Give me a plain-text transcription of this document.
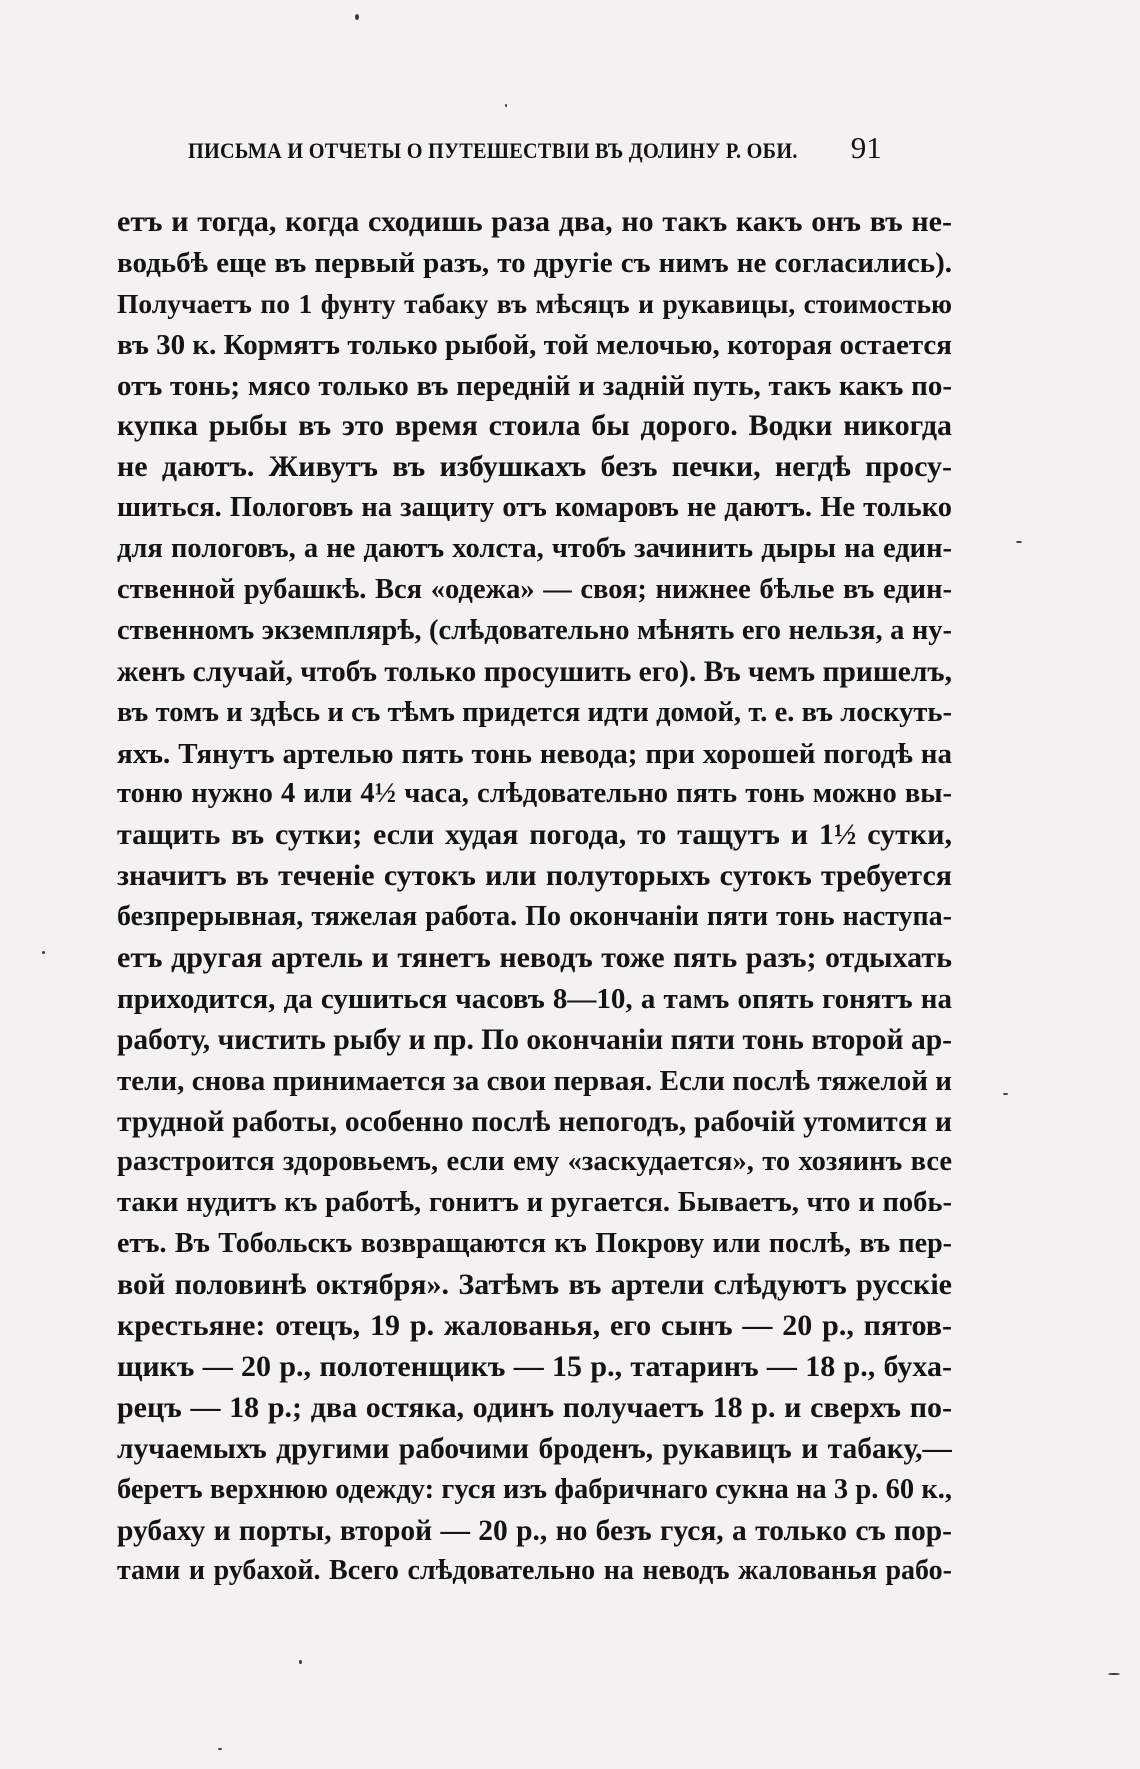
ПИСЬМА И ОТЧЕТЫ О ПУТЕШЕСТВІИ ВЪ ДОЛИНУ Р. ОБИ. 91
етъ и тогда, когда сходишь раза два, но такъ какъ онъ въ не-
водьбѣ еще въ первый разъ, то другіе съ нимъ не согласились).
Получаетъ по 1 фунту табаку въ мѣсяцъ и рукавицы, стоимостью
въ 30 к. Кормятъ только рыбой, той мелочью, которая остается
отъ тонь; мясо только въ передній и задній путь, такъ какъ по-
купка рыбы въ это время стоила бы дорого. Водки никогда
не даютъ. Живутъ въ избушкахъ безъ печки, негдѣ просу-
шиться. Пологовъ на защиту отъ комаровъ не даютъ. Не только
для пологовъ, а не даютъ холста, чтобъ зачинить дыры на един-
ственной рубашкѣ. Вся «одежа» — своя; нижнее бѣлье въ един-
ственномъ экземплярѣ, (слѣдовательно мѣнять его нельзя, а ну-
женъ случай, чтобъ только просушить его). Въ чемъ пришелъ,
въ томъ и здѣсь и съ тѣмъ придется идти домой, т. е. въ лоскуть-
яхъ. Тянутъ артелью пять тонь невода; при хорошей погодѣ на
тоню нужно 4 или 4½ часа, слѣдовательно пять тонь можно вы-
тащить въ сутки; если худая погода, то тащутъ и 1½ сутки,
значитъ въ теченіе сутокъ или полуторыхъ сутокъ требуется
безпрерывная, тяжелая работа. По окончаніи пяти тонь наступа-
етъ другая артель и тянетъ неводъ тоже пять разъ; отдыхать
приходится, да сушиться часовъ 8—10, а тамъ опять гонятъ на
работу, чистить рыбу и пр. По окончаніи пяти тонь второй ар-
тели, снова принимается за свои первая. Если послѣ тяжелой и
трудной работы, особенно послѣ непогодъ, рабочій утомится и
разстроится здоровьемъ, если ему «заскудается», то хозяинъ все
таки нудитъ къ работѣ, гонитъ и ругается. Бываетъ, что и побь-
етъ. Въ Тобольскъ возвращаются къ Покрову или послѣ, въ пер-
вой половинѣ октября». Затѣмъ въ артели слѣдуютъ русскіе
крестьяне: отецъ, 19 р. жалованья, его сынъ — 20 р., пятов-
щикъ — 20 р., полотенщикъ — 15 р., татаринъ — 18 р., буха-
рецъ — 18 р.; два остяка, одинъ получаетъ 18 р. и сверхъ по-
лучаемыхъ другими рабочими броденъ, рукавицъ и табаку,—
беретъ верхнюю одежду: гуся изъ фабричнаго сукна на 3 р. 60 к.,
рубаху и порты, второй — 20 р., но безъ гуся, а только съ пор-
тами и рубахой. Всего слѣдовательно на неводъ жалованья рабо-
